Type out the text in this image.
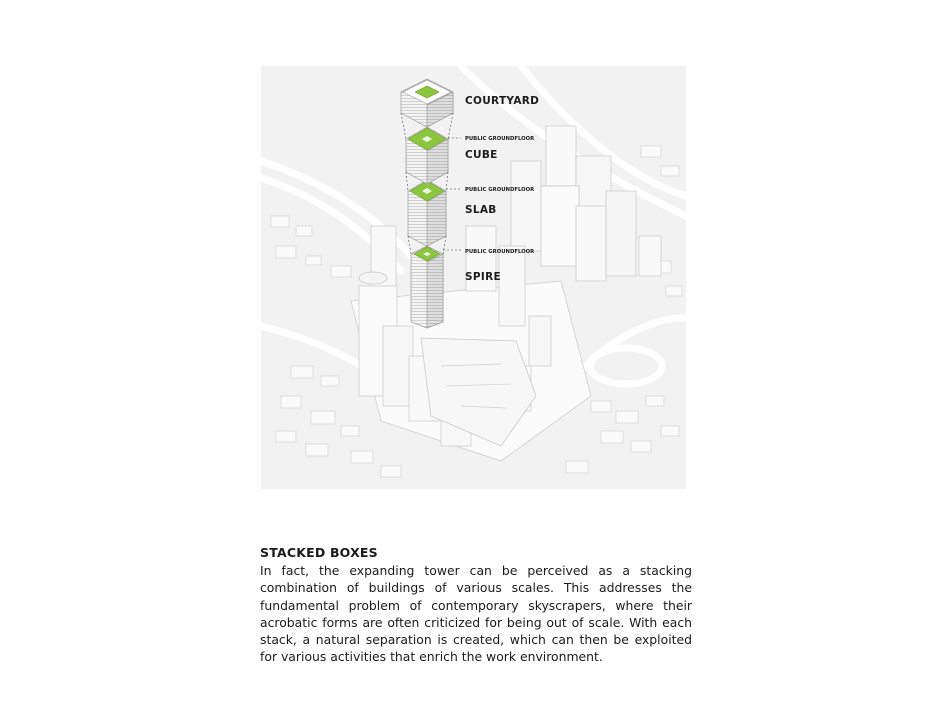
COURTYARD
PUBLIC GROUNDFLOOR
CUBE
PUBLIC GROUNDFLOOR
SLAB
PUBLIC GROUNDFLOOR
SPIRE
STACKED BOXES

In fact, the expanding tower can be perceived as a stacking combination of buildings of various scales. This addresses the fundamental problem of contemporary skyscrapers, where their acrobatic forms are often criticized for being out of scale. With each stack, a natural separation is created, which can then be exploited for various activities that enrich the work environment.
